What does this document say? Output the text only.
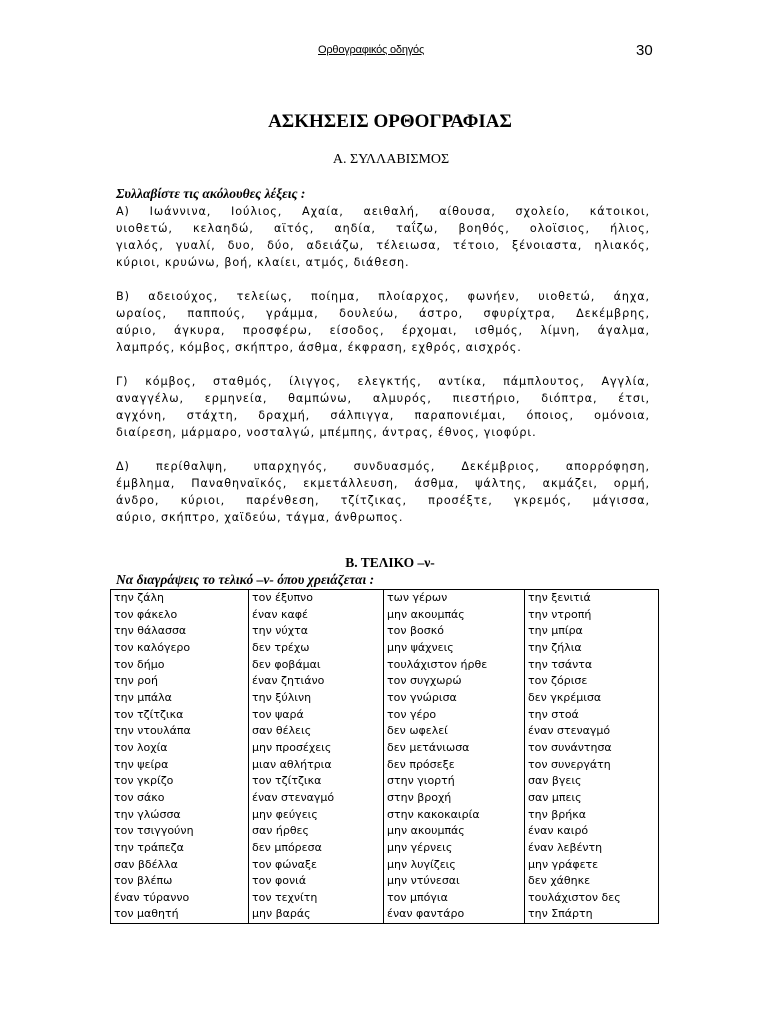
Ορθογραφικός οδηγός	30
ΑΣΚΗΣΕΙΣ ΟΡΘΟΓΡΑΦΙΑΣ
Α. ΣΥΛΛΑΒΙΣΜΟΣ
Συλλαβίστε τις ακόλουθες λέξεις :
Α) Ιωάννινα, Ιούλιος, Αχαία, αειθαλή, αίθουσα, σχολείο, κάτοικοι,
υιοθετώ, κελαηδώ, αϊτός, αηδία, ταΐζω, βοηθός, ολοϊσιος, ήλιος,
γιαλός, γυαλί, δυο, δύο, αδειάζω, τέλειωσα, τέτοιο, ξένοιαστα, ηλιακός,
κύριοι, κρυώνω, βοή, κλαίει, ατμός, διάθεση.
Β) αδειούχος, τελείως, ποίημα, πλοίαρχος, φωνήεν, υιοθετώ, άηχα,
ωραίος, παππούς, γράμμα, δουλεύω, άστρο, σφυρίχτρα, Δεκέμβρης,
αύριο, άγκυρα, προσφέρω, είσοδος, έρχομαι, ισθμός, λίμνη, άγαλμα,
λαμπρός, κόμβος, σκήπτρο, άσθμα, έκφραση, εχθρός, αισχρός.
Γ) κόμβος, σταθμός, ίλιγγος, ελεγκτής, αντίκα, πάμπλουτος, Αγγλία,
αναγγέλω, ερμηνεία, θαμπώνω, αλμυρός, πιεστήριο, διόπτρα, έτσι,
αγχόνη, στάχτη, δραχμή, σάλπιγγα, παραπονιέμαι, όποιος, ομόνοια,
διαίρεση, μάρμαρο, νοσταλγώ, μπέμπης, άντρας, έθνος, γιοφύρι.
Δ) περίθαλψη, υπαρχηγός, συνδυασμός, Δεκέμβριος, απορρόφηση,
έμβλημα, Παναθηναϊκός, εκμετάλλευση, άσθμα, ψάλτης, ακμάζει, ορμή,
άνδρο, κύριοι, παρένθεση, τζίτζικας, προσέξτε, γκρεμός, μάγισσα,
αύριο, σκήπτρο, χαϊδεύω, τάγμα, άνθρωπος.
Β. ΤΕΛΙΚΟ –ν-
Να διαγράψεις το τελικό –ν- όπου χρειάζεται :
την ζάλη	τον έξυπνο	των γέρων	την ξενιτιά
τον φάκελο	έναν καφέ	μην ακουμπάς	την ντροπή
την θάλασσα	την νύχτα	τον βοσκό	την μπίρα
τον καλόγερο	δεν τρέχω	μην ψάχνεις	την ζήλια
τον δήμο	δεν φοβάμαι	τουλάχιστον ήρθε	την τσάντα
την ροή	έναν ζητιάνο	τον συγχωρώ	τον ζόρισε
την μπάλα	την ξύλινη	τον γνώρισα	δεν γκρέμισα
τον τζίτζικα	τον ψαρά	τον γέρο	την στοά
την ντουλάπα	σαν θέλεις	δεν ωφελεί	έναν στεναγμό
τον λοχία	μην προσέχεις	δεν μετάνιωσα	τον συνάντησα
την ψείρα	μιαν αθλήτρια	δεν πρόσεξε	τον συνεργάτη
τον γκρίζο	τον τζίτζικα	στην γιορτή	σαν βγεις
τον σάκο	έναν στεναγμό	στην βροχή	σαν μπεις
την γλώσσα	μην φεύγεις	στην κακοκαιρία	την βρήκα
τον τσιγγούνη	σαν ήρθες	μην ακουμπάς	έναν καιρό
την τράπεζα	δεν μπόρεσα	μην γέρνεις	έναν λεβέντη
σαν βδέλλα	τον φώναξε	μην λυγίζεις	μην γράφετε
τον βλέπω	τον φονιά	μην ντύνεσαι	δεν χάθηκε
έναν τύραννο	τον τεχνίτη	τον μπόγια	τουλάχιστον δες
τον μαθητή	μην βαράς	έναν φαντάρο	την Σπάρτη
